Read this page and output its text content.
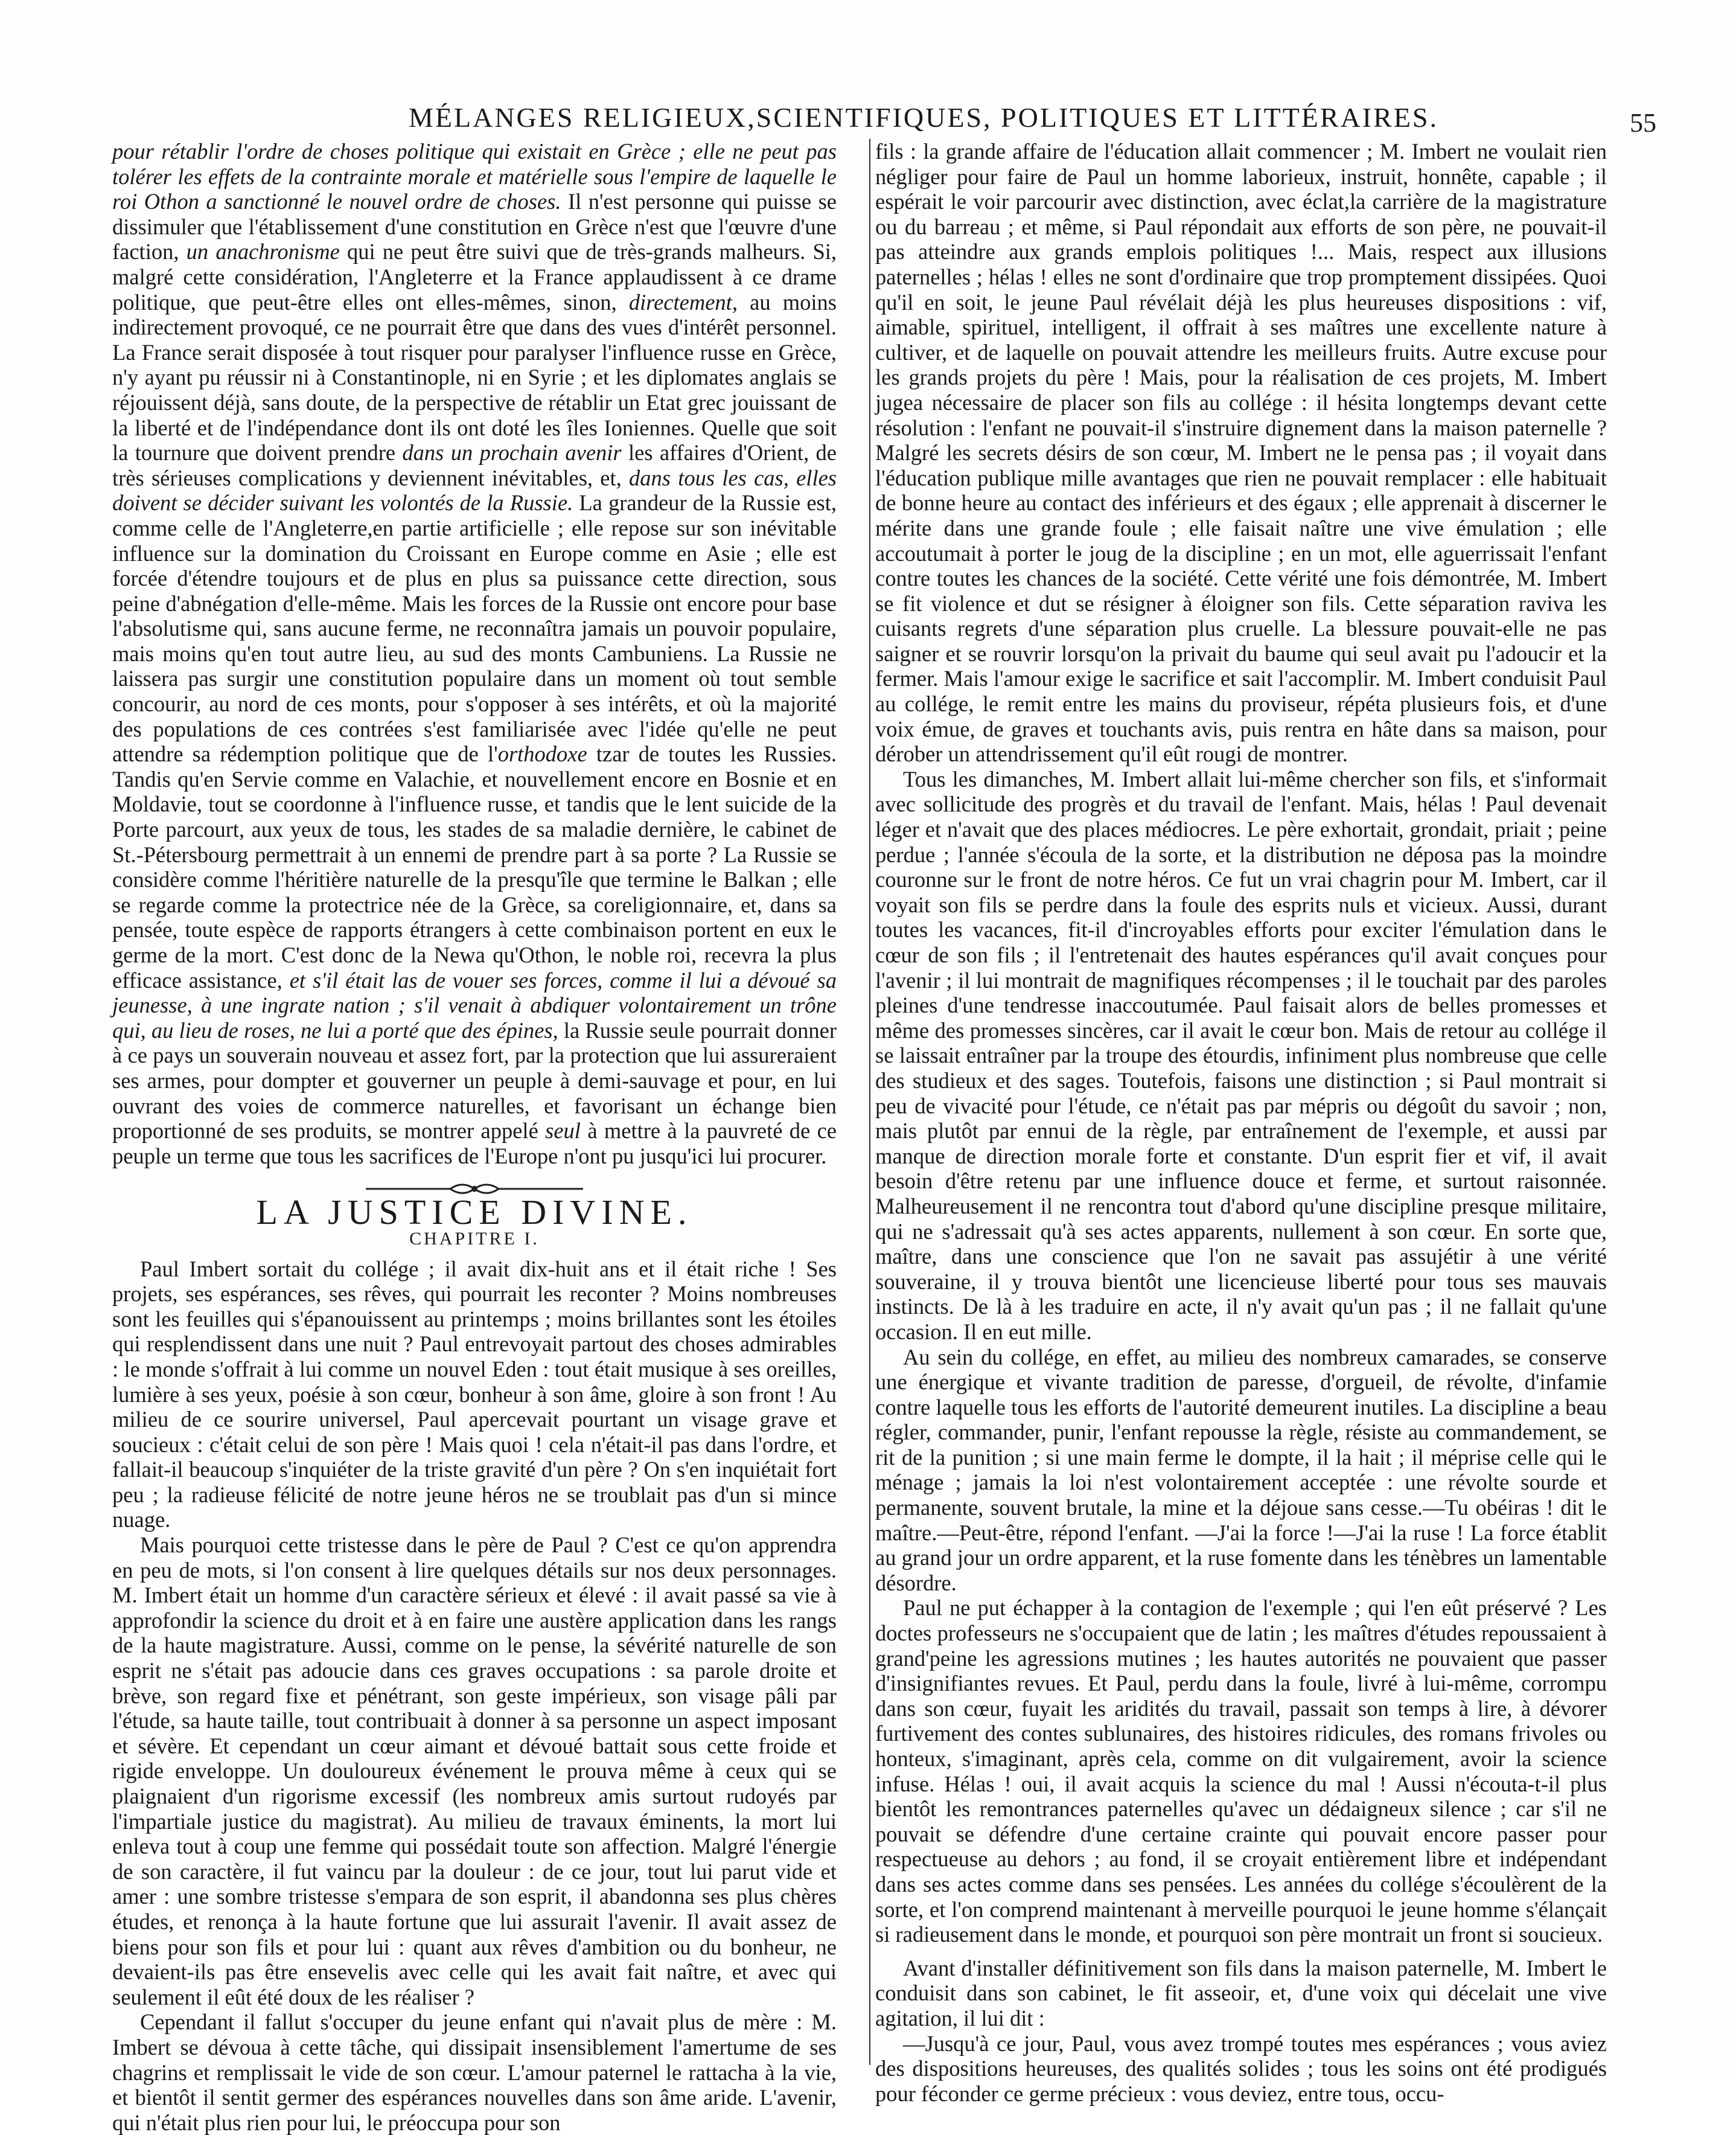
MÉLANGES RELIGIEUX,SCIENTIFIQUES, POLITIQUES ET LITTÉRAIRES.	55

pour rétablir l'ordre de choses politique qui existait en Grèce ; elle ne peut pas tolérer les effets de la contrainte morale et matérielle sous l'empire de laquelle le roi Othon a sanctionné le nouvel ordre de choses. Il n'est personne qui puisse se dissimuler que l'établissement d'une constitution en Grèce n'est que l'œuvre d'une faction, un anachronisme qui ne peut être suivi que de très-grands malheurs. Si, malgré cette considération, l'Angleterre et la France applaudissent à ce drame politique, que peut-être elles ont elles-mêmes, sinon, directement, au moins indirectement provoqué, ce ne pourrait être que dans des vues d'intérêt personnel. La France serait disposée à tout risquer pour paralyser l'influence russe en Grèce, n'y ayant pu réussir ni à Constantinople, ni en Syrie ; et les diplomates anglais se réjouissent déjà, sans doute, de la perspective de rétablir un Etat grec jouissant de la liberté et de l'indépendance dont ils ont doté les îles Ioniennes. Quelle que soit la tournure que doivent prendre dans un prochain avenir les affaires d'Orient, de très sérieuses complications y deviennent inévitables, et, dans tous les cas, elles doivent se décider suivant les volontés de la Russie. La grandeur de la Russie est, comme celle de l'Angleterre,en partie artificielle ; elle repose sur son inévitable influence sur la domination du Croissant en Europe comme en Asie ; elle est forcée d'étendre toujours et de plus en plus sa puissance cette direction, sous peine d'abnégation d'elle-même. Mais les forces de la Russie ont encore pour base l'absolutisme qui, sans aucune ferme, ne reconnaîtra jamais un pouvoir populaire, mais moins qu'en tout autre lieu, au sud des monts Cambuniens. La Russie ne laissera pas surgir une constitution populaire dans un moment où tout semble concourir, au nord de ces monts, pour s'opposer à ses intérêts, et où la majorité des populations de ces contrées s'est familiarisée avec l'idée qu'elle ne peut attendre sa rédemption politique que de l'orthodoxe tzar de toutes les Russies. Tandis qu'en Servie comme en Valachie, et nouvellement encore en Bosnie et en Moldavie, tout se coordonne à l'influence russe, et tandis que le lent suicide de la Porte parcourt, aux yeux de tous, les stades de sa maladie dernière, le cabinet de St.-Pétersbourg permettrait à un ennemi de prendre part à sa porte ? La Russie se considère comme l'héritière naturelle de la presqu'île que termine le Balkan ; elle se regarde comme la protectrice née de la Grèce, sa coreligionnaire, et, dans sa pensée, toute espèce de rapports étrangers à cette combinaison portent en eux le germe de la mort. C'est donc de la Newa qu'Othon, le noble roi, recevra la plus efficace assistance, et s'il était las de vouer ses forces, comme il lui a dévoué sa jeunesse, à une ingrate nation ; s'il venait à abdiquer volontairement un trône qui, au lieu de roses, ne lui a porté que des épines, la Russie seule pourrait donner à ce pays un souverain nouveau et assez fort, par la protection que lui assureraient ses armes, pour dompter et gouverner un peuple à demi-sauvage et pour, en lui ouvrant des voies de commerce naturelles, et favorisant un échange bien proportionné de ses produits, se montrer appelé seul à mettre à la pauvreté de ce peuple un terme que tous les sacrifices de l'Europe n'ont pu jusqu'ici lui procurer.

LA JUSTICE DIVINE.
CHAPITRE I.

Paul Imbert sortait du collége ; il avait dix-huit ans et il était riche ! Ses projets, ses espérances, ses rêves, qui pourrait les reconter ? Moins nombreuses sont les feuilles qui s'épanouissent au printemps ; moins brillantes sont les étoiles qui resplendissent dans une nuit ? Paul entrevoyait partout des choses admirables : le monde s'offrait à lui comme un nouvel Eden : tout était musique à ses oreilles, lumière à ses yeux, poésie à son cœur, bonheur à son âme, gloire à son front ! Au milieu de ce sourire universel, Paul apercevait pourtant un visage grave et soucieux : c'était celui de son père ! Mais quoi ! cela n'était-il pas dans l'ordre, et fallait-il beaucoup s'inquiéter de la triste gravité d'un père ? On s'en inquiétait fort peu ; la radieuse félicité de notre jeune héros ne se troublait pas d'un si mince nuage.

Mais pourquoi cette tristesse dans le père de Paul ? C'est ce qu'on apprendra en peu de mots, si l'on consent à lire quelques détails sur nos deux personnages. M. Imbert était un homme d'un caractère sérieux et élevé : il avait passé sa vie à approfondir la science du droit et à en faire une austère application dans les rangs de la haute magistrature. Aussi, comme on le pense, la sévérité naturelle de son esprit ne s'était pas adoucie dans ces graves occupations : sa parole droite et brève, son regard fixe et pénétrant, son geste impérieux, son visage pâli par l'étude, sa haute taille, tout contribuait à donner à sa personne un aspect imposant et sévère. Et cependant un cœur aimant et dévoué battait sous cette froide et rigide enveloppe. Un douloureux événement le prouva même à ceux qui se plaignaient d'un rigorisme excessif (les nombreux amis surtout rudoyés par l'impartiale justice du magistrat). Au milieu de travaux éminents, la mort lui enleva tout à coup une femme qui possédait toute son affection. Malgré l'énergie de son caractère, il fut vaincu par la douleur : de ce jour, tout lui parut vide et amer : une sombre tristesse s'empara de son esprit, il abandonna ses plus chères études, et renonça à la haute fortune que lui assurait l'avenir. Il avait assez de biens pour son fils et pour lui : quant aux rêves d'ambition ou du bonheur, ne devaient-ils pas être ensevelis avec celle qui les avait fait naître, et avec qui seulement il eût été doux de les réaliser ?

Cependant il fallut s'occuper du jeune enfant qui n'avait plus de mère : M. Imbert se dévoua à cette tâche, qui dissipait insensiblement l'amertume de ses chagrins et remplissait le vide de son cœur. L'amour paternel le rattacha à la vie, et bientôt il sentit germer des espérances nouvelles dans son âme aride. L'avenir, qui n'était plus rien pour lui, le préoccupa pour son

fils : la grande affaire de l'éducation allait commencer ; M. Imbert ne voulait rien négliger pour faire de Paul un homme laborieux, instruit, honnête, capable ; il espérait le voir parcourir avec distinction, avec éclat,la carrière de la magistrature ou du barreau ; et même, si Paul répondait aux efforts de son père, ne pouvait-il pas atteindre aux grands emplois politiques !... Mais, respect aux illusions paternelles ; hélas ! elles ne sont d'ordinaire que trop promptement dissipées. Quoi qu'il en soit, le jeune Paul révélait déjà les plus heureuses dispositions : vif, aimable, spirituel, intelligent, il offrait à ses maîtres une excellente nature à cultiver, et de laquelle on pouvait attendre les meilleurs fruits. Autre excuse pour les grands projets du père ! Mais, pour la réalisation de ces projets, M. Imbert jugea nécessaire de placer son fils au collége : il hésita longtemps devant cette résolution : l'enfant ne pouvait-il s'instruire dignement dans la maison paternelle ? Malgré les secrets désirs de son cœur, M. Imbert ne le pensa pas ; il voyait dans l'éducation publique mille avantages que rien ne pouvait remplacer : elle habituait de bonne heure au contact des inférieurs et des égaux ; elle apprenait à discerner le mérite dans une grande foule ; elle faisait naître une vive émulation ; elle accoutumait à porter le joug de la discipline ; en un mot, elle aguerrissait l'enfant contre toutes les chances de la société. Cette vérité une fois démontrée, M. Imbert se fit violence et dut se résigner à éloigner son fils. Cette séparation raviva les cuisants regrets d'une séparation plus cruelle. La blessure pouvait-elle ne pas saigner et se rouvrir lorsqu'on la privait du baume qui seul avait pu l'adoucir et la fermer. Mais l'amour exige le sacrifice et sait l'accomplir. M. Imbert conduisit Paul au collége, le remit entre les mains du proviseur, répéta plusieurs fois, et d'une voix émue, de graves et touchants avis, puis rentra en hâte dans sa maison, pour dérober un attendrissement qu'il eût rougi de montrer.

Tous les dimanches, M. Imbert allait lui-même chercher son fils, et s'informait avec sollicitude des progrès et du travail de l'enfant. Mais, hélas ! Paul devenait léger et n'avait que des places médiocres. Le père exhortait, grondait, priait ; peine perdue ; l'année s'écoula de la sorte, et la distribution ne déposa pas la moindre couronne sur le front de notre héros. Ce fut un vrai chagrin pour M. Imbert, car il voyait son fils se perdre dans la foule des esprits nuls et vicieux. Aussi, durant toutes les vacances, fit-il d'incroyables efforts pour exciter l'émulation dans le cœur de son fils ; il l'entretenait des hautes espérances qu'il avait conçues pour l'avenir ; il lui montrait de magnifiques récompenses ; il le touchait par des paroles pleines d'une tendresse inaccoutumée. Paul faisait alors de belles promesses et même des promesses sincères, car il avait le cœur bon. Mais de retour au collége il se laissait entraîner par la troupe des étourdis, infiniment plus nombreuse que celle des studieux et des sages. Toutefois, faisons une distinction ; si Paul montrait si peu de vivacité pour l'étude, ce n'était pas par mépris ou dégoût du savoir ; non, mais plutôt par ennui de la règle, par entraînement de l'exemple, et aussi par manque de direction morale forte et constante. D'un esprit fier et vif, il avait besoin d'être retenu par une influence douce et ferme, et surtout raisonnée. Malheureusement il ne rencontra tout d'abord qu'une discipline presque militaire, qui ne s'adressait qu'à ses actes apparents, nullement à son cœur. En sorte que, maître, dans une conscience que l'on ne savait pas assujétir à une vérité souveraine, il y trouva bientôt une licencieuse liberté pour tous ses mauvais instincts. De là à les traduire en acte, il n'y avait qu'un pas ; il ne fallait qu'une occasion. Il en eut mille.

Au sein du collége, en effet, au milieu des nombreux camarades, se conserve une énergique et vivante tradition de paresse, d'orgueil, de révolte, d'infamie contre laquelle tous les efforts de l'autorité demeurent inutiles. La discipline a beau régler, commander, punir, l'enfant repousse la règle, résiste au commandement, se rit de la punition ; si une main ferme le dompte, il la hait ; il méprise celle qui le ménage ; jamais la loi n'est volontairement acceptée : une révolte sourde et permanente, souvent brutale, la mine et la déjoue sans cesse.—Tu obéiras ! dit le maître.—Peut-être, répond l'enfant. —J'ai la force !—J'ai la ruse ! La force établit au grand jour un ordre apparent, et la ruse fomente dans les ténèbres un lamentable désordre.

Paul ne put échapper à la contagion de l'exemple ; qui l'en eût préservé ? Les doctes professeurs ne s'occupaient que de latin ; les maîtres d'études repoussaient à grand'peine les agressions mutines ; les hautes autorités ne pouvaient que passer d'insignifiantes revues. Et Paul, perdu dans la foule, livré à lui-même, corrompu dans son cœur, fuyait les aridités du travail, passait son temps à lire, à dévorer furtivement des contes sublunaires, des histoires ridicules, des romans frivoles ou honteux, s'imaginant, après cela, comme on dit vulgairement, avoir la science infuse. Hélas ! oui, il avait acquis la science du mal ! Aussi n'écouta-t-il plus bientôt les remontrances paternelles qu'avec un dédaigneux silence ; car s'il ne pouvait se défendre d'une certaine crainte qui pouvait encore passer pour respectueuse au dehors ; au fond, il se croyait entièrement libre et indépendant dans ses actes comme dans ses pensées. Les années du collége s'écoulèrent de la sorte, et l'on comprend maintenant à merveille pourquoi le jeune homme s'élançait si radieusement dans le monde, et pourquoi son père montrait un front si soucieux.

Avant d'installer définitivement son fils dans la maison paternelle, M. Imbert le conduisit dans son cabinet, le fit asseoir, et, d'une voix qui décelait une vive agitation, il lui dit :

—Jusqu'à ce jour, Paul, vous avez trompé toutes mes espérances ; vous aviez des dispositions heureuses, des qualités solides ; tous les soins ont été prodigués pour féconder ce germe précieux : vous deviez, entre tous, occu-
